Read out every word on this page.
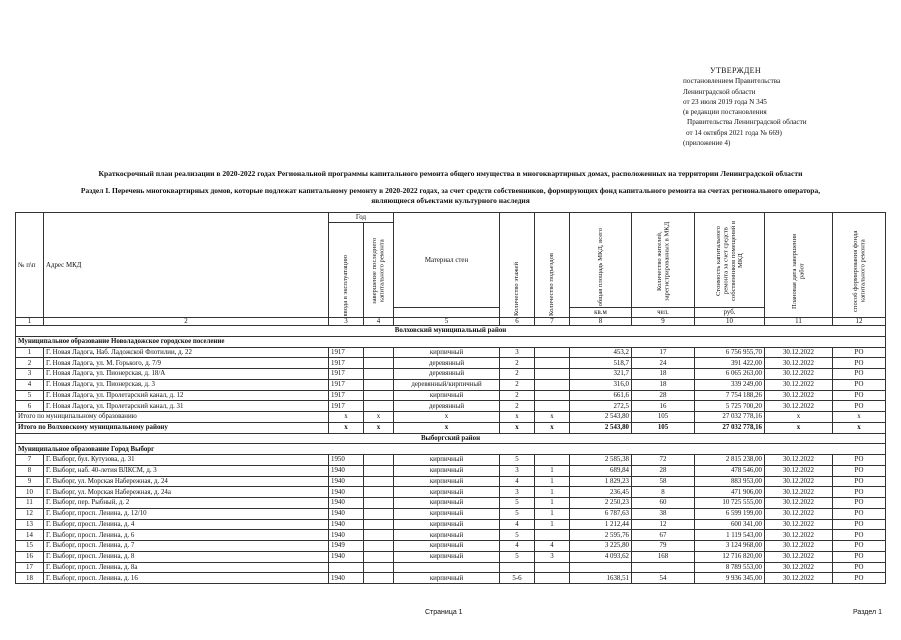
УТВЕРЖДЕН
постановлением Правительства
Ленинградской области
от 23 июля 2019 года N 345
(в редакции постановления
Правительства Ленинградской области
от 14 октября 2021 года № 669)
(приложение 4)
Краткосрочный план реализации в 2020-2022 годах Региональной программы капитального ремонта общего имущества в многоквартирных домах, расположенных на территории Ленинградской области
Раздел I. Перечень многоквартирных домов, которые подлежат капитальному ремонту в 2020-2022 годах, за счет средств собственников, формирующих фонд капитального ремонта на счетах регионального оператора,
являющиеся объектами культурного наследия
№ п\п	Адрес МКД	Год		Материал стен	Количество этажей	Количество подъездов	общая площадь МКД, всего	Количество жителей, зарегистрированных в МКД	Стоимость капитального ремонта за счет средств собственников помещений в МКД	Плановая дата завершения работ	способ формирования фонда капитального ремонта

		ввода в эксплуатацию	завершение последнего капитального ремонта								

							кв.м	чел.	руб.		
1	2	3	4	5	6	7	8	9	10	11	12
Волховский муниципальный район											
Муниципальное образование Новоладожское городское поселение											
1	Г. Новая Ладога, Наб. Ладожской Флотилии, д. 22	1917		кирпичный	3		453,2	17	6 756 955,70	30.12.2022	РО
2	Г. Новая Ладога, ул. М. Горького, д. 7/9	1917		деревянный	2		518,7	24	391 422,00	30.12.2022	РО
3	Г. Новая Ладога, ул. Пионерская, д. 18/А	1917		деревянный	2		321,7	18	6 065 263,00	30.12.2022	РО
4	Г. Новая Ладога, ул. Пионерская, д. 3	1917		деревянный/кирпичный	2		316,0	18	339 249,00	30.12.2022	РО
5	Г. Новая Ладога, ул. Пролетарский канал, д. 12	1917		кирпичный	2		661,6	28	7 754 188,26	30.12.2022	РО
6	Г. Новая Ладога, ул. Пролетарский канал, д. 31	1917		деревянный	2		272,5	16	5 725 700,20	30.12.2022	РО
Итого по муниципальному образованию		х	х	х	х	х	2 543,80	105	27 032 778,16	х	х
Итого по Волховскому муниципальному району		х	х	х	х	х	2 543,80	105	27 032 778,16	х	х
Выборгский район											
Муниципальное образование Город Выборг											
7	Г. Выборг, бул. Кутузова, д. 31	1950		кирпичный	5		2 585,38	72	2 815 238,00	30.12.2022	РО
8	Г. Выборг, наб. 40-летия ВЛКСМ, д. 3	1940		кирпичный	3	1	689,84	28	478 546,00	30.12.2022	РО
9	Г. Выборг, ул. Морская Набережная, д. 24	1940		кирпичный	4	1	1 829,23	58	883 953,00	30.12.2022	РО
10	Г. Выборг, ул. Морская Набережная, д. 24а	1940		кирпичный	3	1	236,45	8	471 906,00	30.12.2022	РО
11	Г. Выборг, пер. Рыбный, д. 2	1940		кирпичный	5	1	2 250,23	60	10 725 555,00	30.12.2022	РО
12	Г. Выборг, просп. Ленина, д. 12/10	1940		кирпичный	5	1	6 787,63	38	6 599 199,00	30.12.2022	РО
13	Г. Выборг, просп. Ленина, д. 4	1940		кирпичный	4	1	1 212,44	12	600 341,00	30.12.2022	РО
14	Г. Выборг, просп. Ленина, д. 6	1940		кирпичный	5		2 595,76	67	1 119 543,00	30.12.2022	РО
15	Г. Выборг, просп. Ленина, д. 7	1949		кирпичный	4	4	3 225,80	79	3 124 968,00	30.12.2022	РО
16	Г. Выборг, просп. Ленина, д. 8	1940		кирпичный	5	3	4 093,62	168	12 716 820,00	30.12.2022	РО
17	Г. Выборг, просп. Ленина, д. 8а								8 789 553,00	30.12.2022	РО
18	Г. Выборг, просп. Ленина, д. 16	1940		кирпичный	5-6		1638,51	54	9 936 345,00	30.12.2022	РО
Страница 1	Раздел 1
